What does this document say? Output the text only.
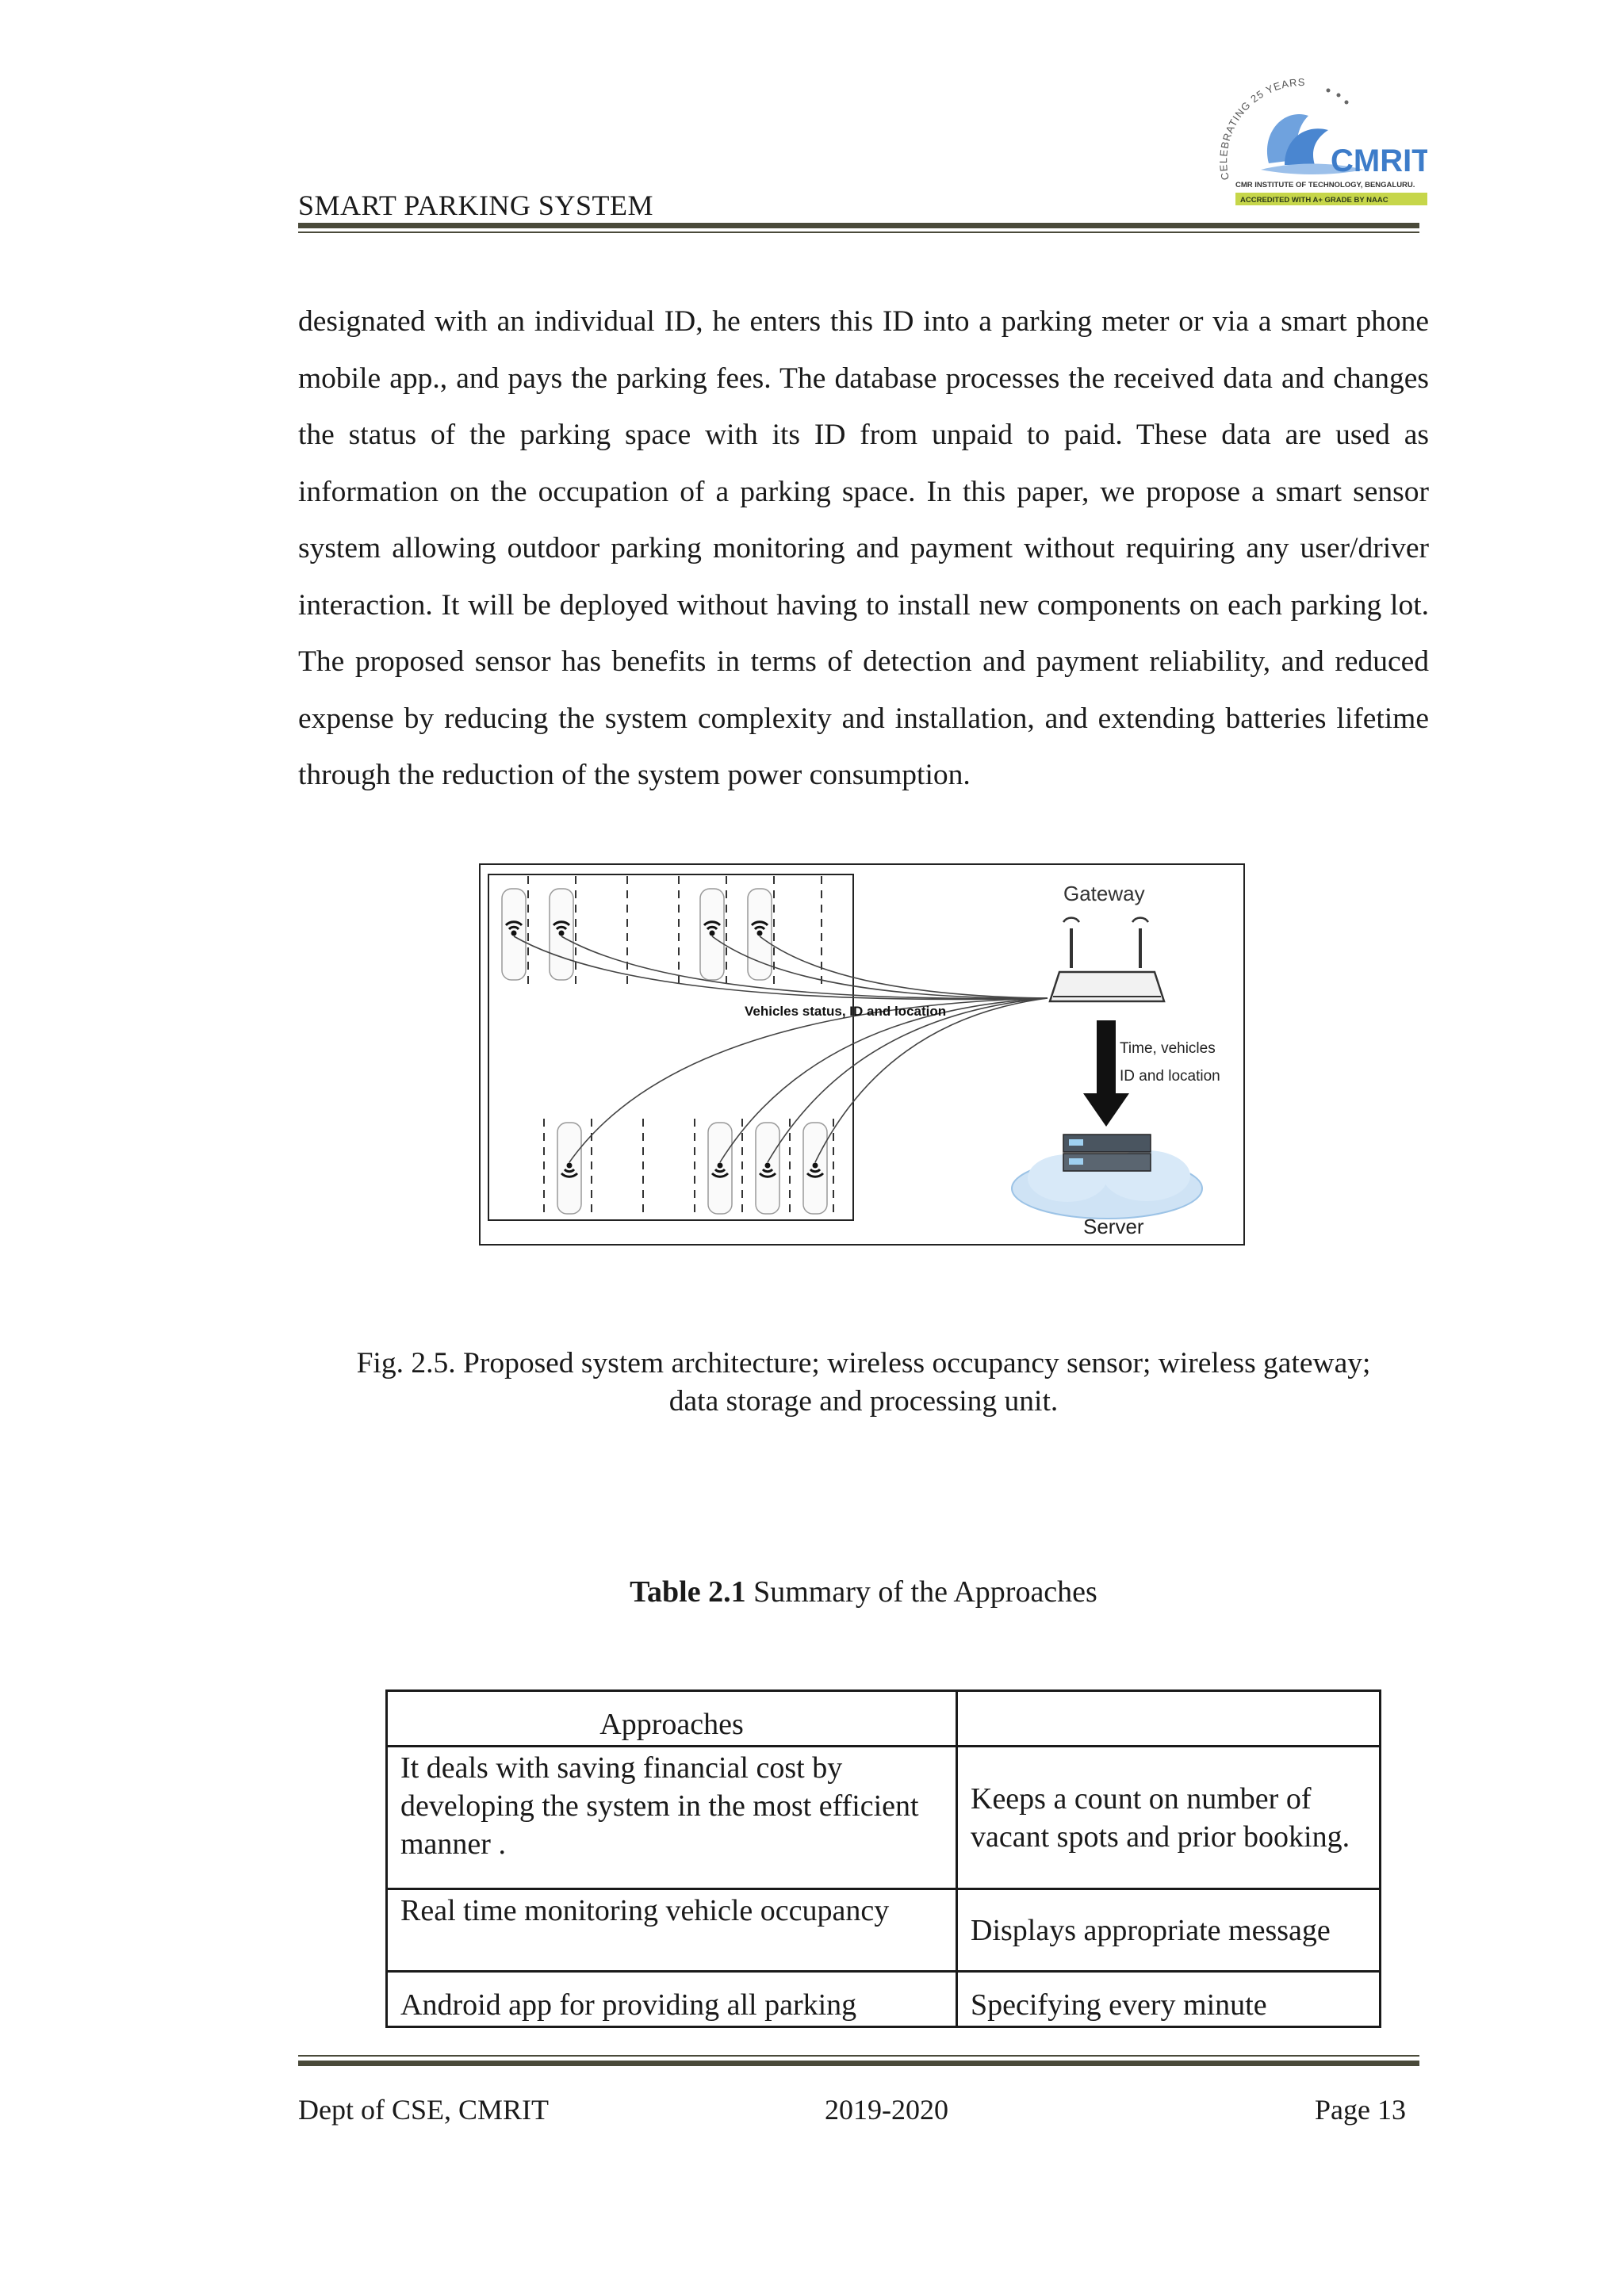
SMART PARKING SYSTEM
CELEBRATING 25 YEARS
CMRIT
CMR INSTITUTE OF TECHNOLOGY, BENGALURU.
ACCREDITED WITH A+ GRADE BY NAAC
designated with an individual ID, he enters this ID into a parking meter or via a smart phone mobile app., and pays the parking fees. The database processes the received data and changes the status of the parking space with its ID from unpaid to paid. These data are used as information on the occupation of a parking space. In this paper, we propose a smart sensor system allowing outdoor parking monitoring and payment without requiring any user/driver interaction. It will be deployed without having to install new components on each parking lot. The proposed sensor has benefits in terms of detection and payment reliability, and reduced expense by reducing the system complexity and installation, and extending batteries lifetime through the reduction of the system power consumption.
Vehicles status, ID and location
Gateway
Time, vehicles
ID and location
Server
Fig. 2.5. Proposed system architecture; wireless occupancy sensor; wireless gateway;
data storage and processing unit.
Table 2.1 Summary of the Approaches
Approaches	
It deals with saving financial cost by developing the system in the most efficient manner .	Keeps a count on number of vacant spots and prior booking.
Real time monitoring vehicle occupancy	Displays appropriate message
Android app for providing all parking	Specifying every minute
Dept of CSE, CMRIT	2019-2020	Page 13
